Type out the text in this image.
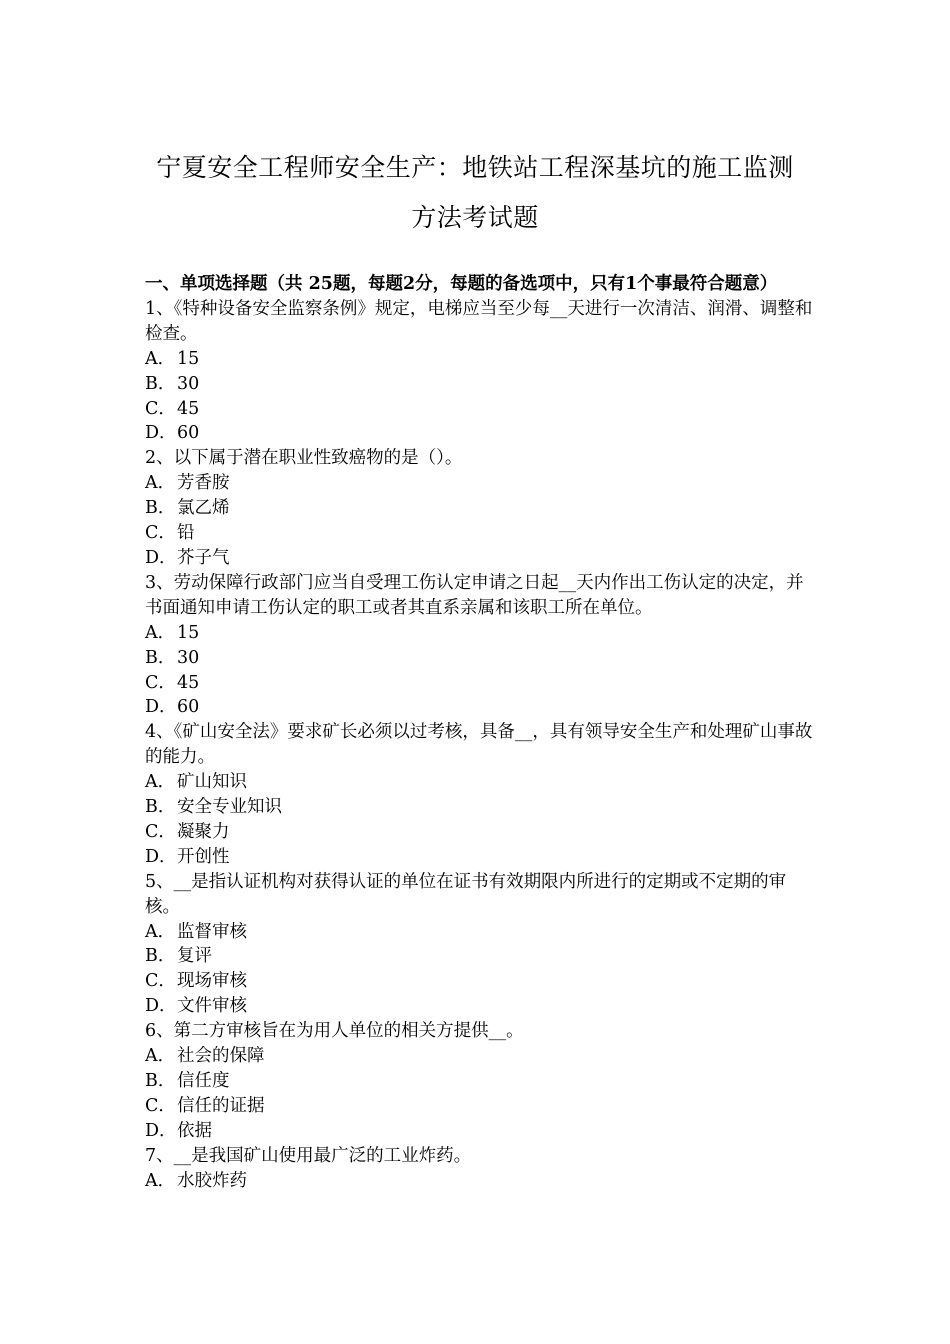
宁夏安全工程师安全生产：地铁站工程深基坑的施工监测
方法考试题

一、单项选择题（共 25题，每题2分，每题的备选项中，只有1个事最符合题意）

1、《特种设备安全监察条例》规定，电梯应当至少每__天进行一次清洁、润滑、调整和检查。

A． 15

B．30

C．45

D．60

2、以下属于潜在职业性致癌物的是（）。

A． 芳香胺

B．氯乙烯

C．铅

D．芥子气

3、劳动保障行政部门应当自受理工伤认定申请之日起__天内作出工伤认定的决定，并书面通知申请工伤认定的职工或者其直系亲属和该职工所在单位。

A． 15

B．30

C．45

D．60

4、《矿山安全法》要求矿长必须以过考核，具备__，具有领导安全生产和处理矿山事故的能力。

A． 矿山知识

B．安全专业知识

C．凝聚力

D．开创性

5、__是指认证机构对获得认证的单位在证书有效期限内所进行的定期或不定期的审核。

A． 监督审核

B．复评

C．现场审核

D．文件审核

6、第二方审核旨在为用人单位的相关方提供__。

A． 社会的保障

B．信任度

C．信任的证据

D．依据

7、__是我国矿山使用最广泛的工业炸药。

A． 水胶炸药
